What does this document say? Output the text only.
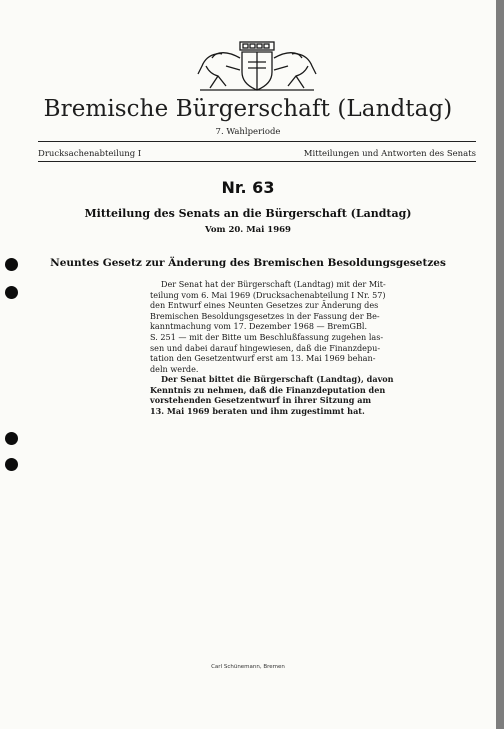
Bremische Bürgerschaft (Landtag)
7. Wahlperiode
Drucksachenabteilung I	Mitteilungen und Antworten des Senats
Nr. 63
Mitteilung des Senats an die Bürgerschaft (Landtag)
Vom 20. Mai 1969
Neuntes Gesetz zur Änderung des Bremischen Besoldungsgesetzes
Der Senat hat der Bürgerschaft (Landtag) mit der Mit-
teilung vom 6. Mai 1969 (Drucksachenabteilung I Nr. 57)
den Entwurf eines Neunten Gesetzes zur Änderung des
Bremischen Besoldungsgesetzes in der Fassung der Be-
kanntmachung vom 17. Dezember 1968 — BremGBl.
S. 251 — mit der Bitte um Beschlußfassung zugehen las-
sen und dabei darauf hingewiesen, daß die Finanzdepu-
tation den Gesetzentwurf erst am 13. Mai 1969 behan-
deln werde.
Der Senat bittet die Bürgerschaft (Landtag), davon
Kenntnis zu nehmen, daß die Finanzdeputation den
vorstehenden Gesetzentwurf in ihrer Sitzung am
13. Mai 1969 beraten und ihm zugestimmt hat.
Carl Schünemann, Bremen
